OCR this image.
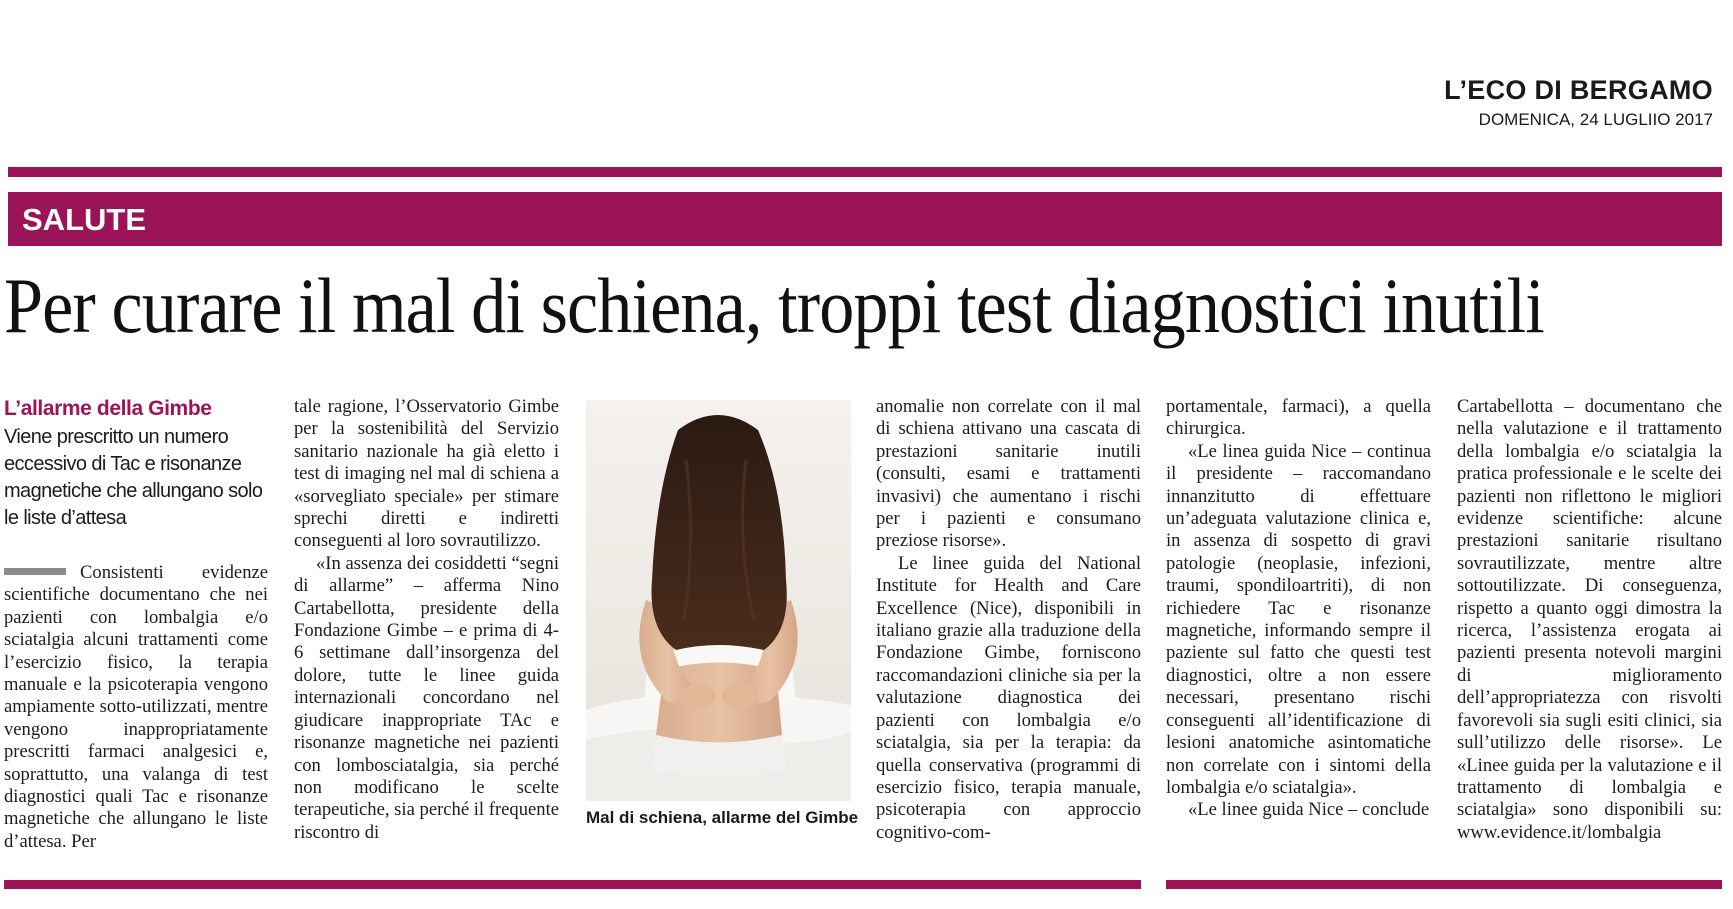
L’ECO DI BERGAMO
DOMENICA, 24 LUGLIIO 2017
SALUTE
Per curare il mal di schiena, troppi test diagnostici inutili
L’allarme della Gimbe
Viene prescritto un numero eccessivo di Tac e risonanze magnetiche che allungano solo le liste d’attesa

Consistenti evidenze scientifiche documentano che nei pazienti con lombalgia e/o sciatalgia alcuni trattamenti come l’esercizio fisico, la terapia manuale e la psicoterapia vengono ampiamente sotto-utilizzati, mentre vengono inappropriatamente prescritti farmaci analgesici e, soprattutto, una valanga di test diagnostici quali Tac e risonanze magnetiche che allungano le liste d’attesa. Per

tale ragione, l’Osservatorio Gimbe per la sostenibilità del Servizio sanitario nazionale ha già eletto i test di imaging nel mal di schiena a «sorvegliato speciale» per stimare sprechi diretti e indiretti conseguenti al loro sovrautilizzo.

«In assenza dei cosiddetti “segni di allarme” – afferma Nino Cartabellotta, presidente della Fondazione Gimbe – e prima di 4-6 settimane dall’insorgenza del dolore, tutte le linee guida internazionali concordano nel giudicare inappropriate TAc e risonanze magnetiche nei pazienti con lombosciatalgia, sia perché non modificano le scelte terapeutiche, sia perché il frequente riscontro di

Mal di schiena, allarme del Gimbe

anomalie non correlate con il mal di schiena attivano una cascata di prestazioni sanitarie inutili (consulti, esami e trattamenti invasivi) che aumentano i rischi per i pazienti e consumano preziose risorse».

Le linee guida del National Institute for Health and Care Excellence (Nice), disponibili in italiano grazie alla traduzione della Fondazione Gimbe, forniscono raccomandazioni cliniche sia per la valutazione diagnostica dei pazienti con lombalgia e/o sciatalgia, sia per la terapia: da quella conservativa (programmi di esercizio fisico, terapia manuale, psicoterapia con approccio cognitivo-com-

portamentale, farmaci), a quella chirurgica.

«Le linea guida Nice – continua il presidente – raccomandano innanzitutto di effettuare un’adeguata valutazione clinica e, in assenza di sospetto di gravi patologie (neoplasie, infezioni, traumi, spondiloartriti), di non richiedere Tac e risonanze magnetiche, informando sempre il paziente sul fatto che questi test diagnostici, oltre a non essere necessari, presentano rischi conseguenti all’identificazione di lesioni anatomiche asintomatiche non correlate con i sintomi della lombalgia e/o sciatalgia».

«Le linee guida Nice – conclude

Cartabellotta – documentano che nella valutazione e il trattamento della lombalgia e/o sciatalgia la pratica professionale e le scelte dei pazienti non riflettono le migliori evidenze scientifiche: alcune prestazioni sanitarie risultano sovrautilizzate, mentre altre sottoutilizzate. Di conseguenza, rispetto a quanto oggi dimostra la ricerca, l’assistenza erogata ai pazienti presenta notevoli margini di miglioramento dell’appropriatezza con risvolti favorevoli sia sugli esiti clinici, sia sull’utilizzo delle risorse». Le «Linee guida per la valutazione e il trattamento di lombalgia e sciatalgia» sono disponibili su: www.evidence.it/lombalgia
